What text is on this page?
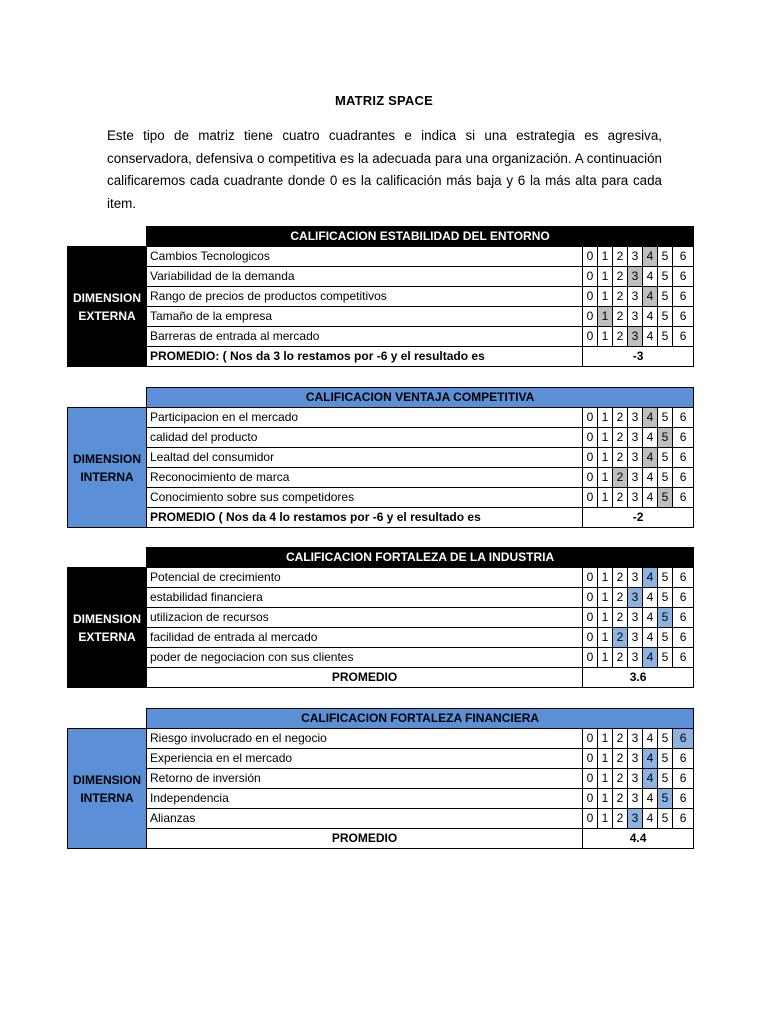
MATRIZ SPACE

Este tipo de matriz tiene cuatro cuadrantes e indica si una estrategia es agresiva, conservadora, defensiva o competitiva es la adecuada para una organización. A continuación calificaremos cada cuadrante donde 0 es la calificación más baja y 6 la más alta para cada item.

	CALIFICACION ESTABILIDAD DEL ENTORNO							

DIMENSION
EXTERNA	Cambios Tecnologicos	0	1	2	3	4	5	6
	Variabilidad de la demanda	0	1	2	3	4	5	6
	Rango de precios de productos competitivos	0	1	2	3	4	5	6
	Tamaño de la empresa	0	1	2	3	4	5	6
	Barreras de entrada al mercado	0	1	2	3	4	5	6
	PROMEDIO: ( Nos da 3 lo restamos por -6 y el resultado es	-3						
	CALIFICACION VENTAJA COMPETITIVA							

DIMENSION
INTERNA	Participacion en el mercado	0	1	2	3	4	5	6
	calidad del producto	0	1	2	3	4	5	6
	Lealtad del consumidor	0	1	2	3	4	5	6
	Reconocimiento de marca	0	1	2	3	4	5	6
	Conocimiento sobre sus competidores	0	1	2	3	4	5	6
	PROMEDIO ( Nos da 4 lo restamos por -6 y el resultado es	-2						
	CALIFICACION FORTALEZA DE LA INDUSTRIA							

DIMENSION
EXTERNA	Potencial de crecimiento	0	1	2	3	4	5	6
	estabilidad financiera	0	1	2	3	4	5	6
	utilizacion de recursos	0	1	2	3	4	5	6
	facilidad de entrada al mercado	0	1	2	3	4	5	6
	poder de negociacion con sus clientes	0	1	2	3	4	5	6
	PROMEDIO	3.6						
	CALIFICACION FORTALEZA FINANCIERA							

DIMENSION
INTERNA	Riesgo involucrado en el negocio	0	1	2	3	4	5	6
	Experiencia en el mercado	0	1	2	3	4	5	6
	Retorno de inversión	0	1	2	3	4	5	6
	Independencia	0	1	2	3	4	5	6
	Alianzas	0	1	2	3	4	5	6
	PROMEDIO	4.4						
